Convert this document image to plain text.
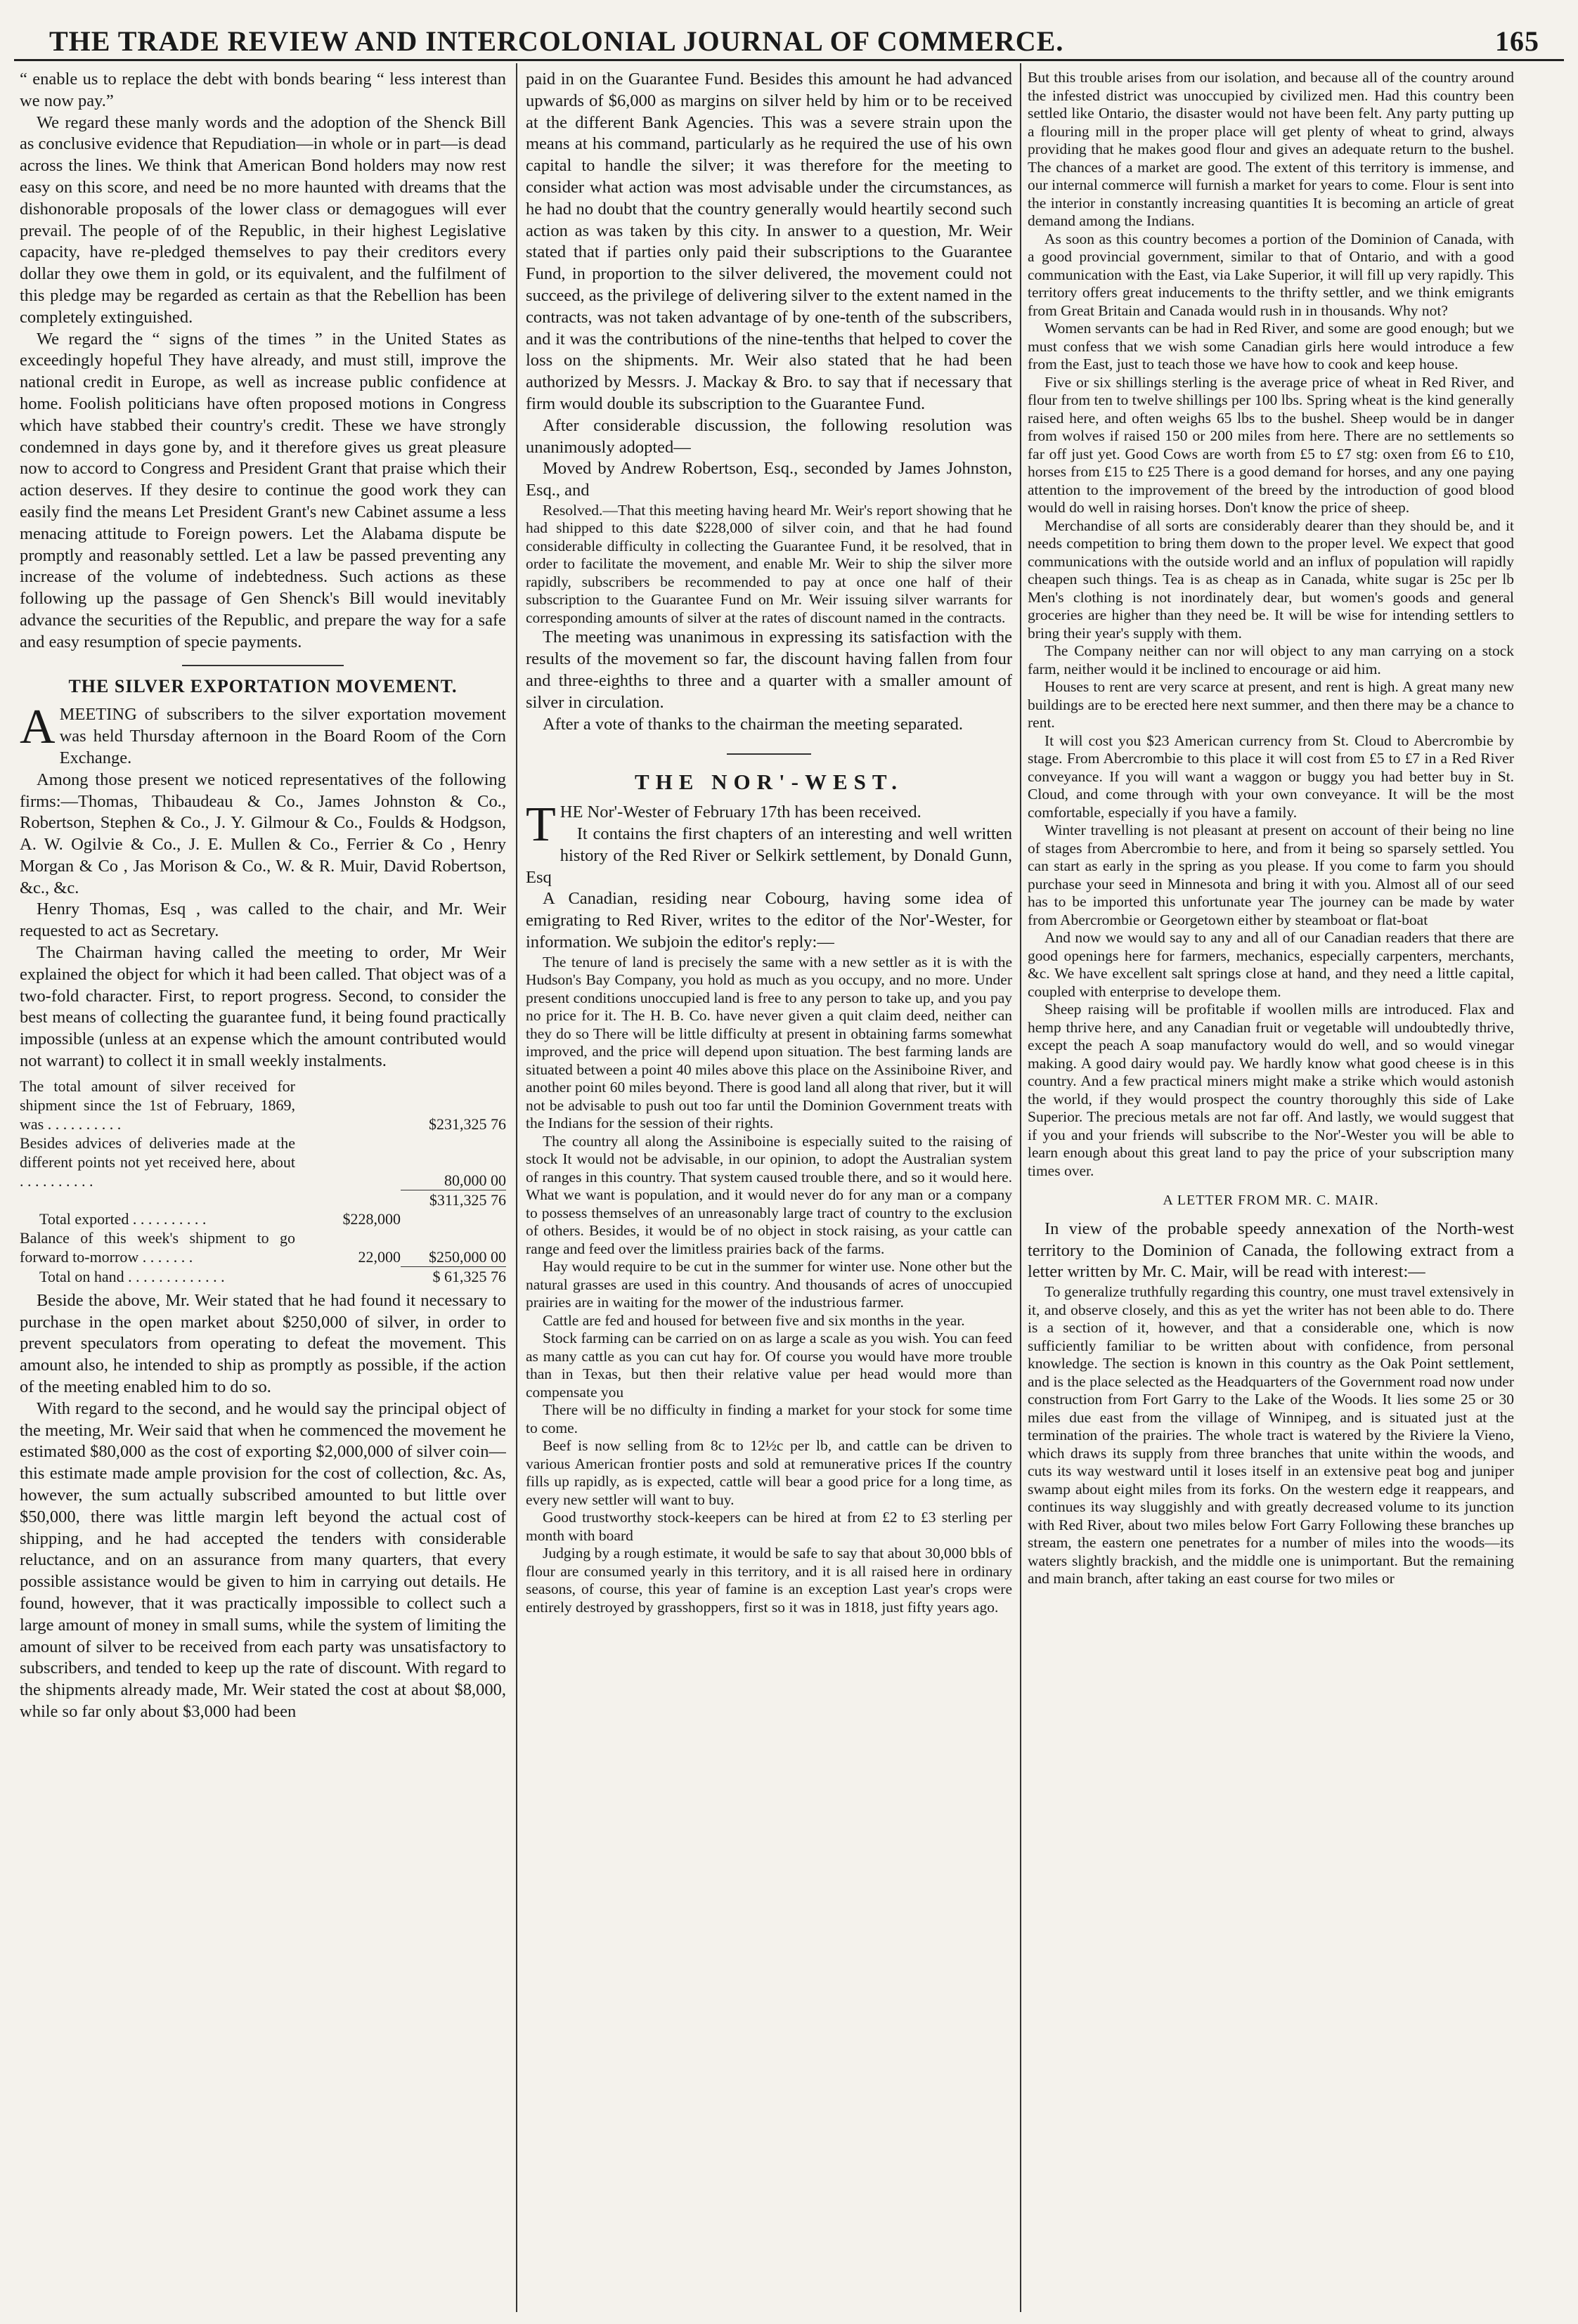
THE TRADE REVIEW AND INTERCOLONIAL JOURNAL OF COMMERCE.	165

“ enable us to replace the debt with bonds bearing “ less interest than we now pay.”

We regard these manly words and the adoption of the Shenck Bill as conclusive evidence that Repudiation—in whole or in part—is dead across the lines. We think that American Bond holders may now rest easy on this score, and need be no more haunted with dreams that the dishonorable proposals of the lower class or demagogues will ever prevail. The people of of the Republic, in their highest Legislative capacity, have re-pledged themselves to pay their creditors every dollar they owe them in gold, or its equivalent, and the fulfilment of this pledge may be regarded as certain as that the Rebellion has been completely extinguished.

We regard the “ signs of the times ” in the United States as exceedingly hopeful They have already, and must still, improve the national credit in Europe, as well as increase public confidence at home. Foolish politicians have often proposed motions in Congress which have stabbed their country's credit. These we have strongly condemned in days gone by, and it therefore gives us great pleasure now to accord to Congress and President Grant that praise which their action deserves. If they desire to continue the good work they can easily find the means Let President Grant's new Cabinet assume a less menacing attitude to Foreign powers. Let the Alabama dispute be promptly and reasonably settled. Let a law be passed preventing any increase of the volume of indebtedness. Such actions as these following up the passage of Gen Shenck's Bill would inevitably advance the securities of the Republic, and prepare the way for a safe and easy resumption of specie payments.

THE SILVER EXPORTATION MOVEMENT.

AMEETING of subscribers to the silver exportation movement was held Thursday afternoon in the Board Room of the Corn Exchange.

Among those present we noticed representatives of the following firms:—Thomas, Thibaudeau & Co., James Johnston & Co., Robertson, Stephen & Co., J. Y. Gilmour & Co., Foulds & Hodgson, A. W. Ogilvie & Co., J. E. Mullen & Co., Ferrier & Co , Henry Morgan & Co , Jas Morison & Co., W. & R. Muir, David Robertson, &c., &c.

Henry Thomas, Esq , was called to the chair, and Mr. Weir requested to act as Secretary.

The Chairman having called the meeting to order, Mr Weir explained the object for which it had been called. That object was of a two-fold character. First, to report progress. Second, to consider the best means of collecting the guarantee fund, it being found practically impossible (unless at an expense which the amount contributed would not warrant) to collect it in small weekly instalments.

The total amount of silver received for shipment since the 1st of February, 1869, was . . . . . . . . . .		$231,325 76
Besides advices of deliveries made at the different points not yet received here, about . . . . . . . . . .		80,000 00
		$311,325 76
Total exported . . . . . . . . . .	$228,000	
Balance of this week's shipment to go forward to-morrow . . . . . . .	22,000	$250,000 00
Total on hand . . . . . . . . . . . . .		$ 61,325 76

Beside the above, Mr. Weir stated that he had found it necessary to purchase in the open market about $250,000 of silver, in order to prevent speculators from operating to defeat the movement. This amount also, he intended to ship as promptly as possible, if the action of the meeting enabled him to do so.

With regard to the second, and he would say the principal object of the meeting, Mr. Weir said that when he commenced the movement he estimated $80,000 as the cost of exporting $2,000,000 of silver coin—this estimate made ample provision for the cost of collection, &c. As, however, the sum actually subscribed amounted to but little over $50,000, there was little margin left beyond the actual cost of shipping, and he had accepted the tenders with considerable reluctance, and on an assurance from many quarters, that every possible assistance would be given to him in carrying out details. He found, however, that it was practically impossible to collect such a large amount of money in small sums, while the system of limiting the amount of silver to be received from each party was unsatisfactory to subscribers, and tended to keep up the rate of discount. With regard to the shipments already made, Mr. Weir stated the cost at about $8,000, while so far only about $3,000 had been

paid in on the Guarantee Fund. Besides this amount he had advanced upwards of $6,000 as margins on silver held by him or to be received at the different Bank Agencies. This was a severe strain upon the means at his command, particularly as he required the use of his own capital to handle the silver; it was therefore for the meeting to consider what action was most advisable under the circumstances, as he had no doubt that the country generally would heartily second such action as was taken by this city. In answer to a question, Mr. Weir stated that if parties only paid their subscriptions to the Guarantee Fund, in proportion to the silver delivered, the movement could not succeed, as the privilege of delivering silver to the extent named in the contracts, was not taken advantage of by one-tenth of the subscribers, and it was the contributions of the nine-tenths that helped to cover the loss on the shipments. Mr. Weir also stated that he had been authorized by Messrs. J. Mackay & Bro. to say that if necessary that firm would double its subscription to the Guarantee Fund.

After considerable discussion, the following resolution was unanimously adopted—

Moved by Andrew Robertson, Esq., seconded by James Johnston, Esq., and

Resolved.—That this meeting having heard Mr. Weir's report showing that he had shipped to this date $228,000 of silver coin, and that he had found considerable difficulty in collecting the Guarantee Fund, it be resolved, that in order to facilitate the movement, and enable Mr. Weir to ship the silver more rapidly, subscribers be recommended to pay at once one half of their subscription to the Guarantee Fund on Mr. Weir issuing silver warrants for corresponding amounts of silver at the rates of discount named in the contracts.

The meeting was unanimous in expressing its satisfaction with the results of the movement so far, the discount having fallen from four and three-eighths to three and a quarter with a smaller amount of silver in circulation.

After a vote of thanks to the chairman the meeting separated.

THE NOR'-WEST.

THE Nor'-Wester of February 17th has been received.

It contains the first chapters of an interesting and well written history of the Red River or Selkirk settlement, by Donald Gunn, Esq

A Canadian, residing near Cobourg, having some idea of emigrating to Red River, writes to the editor of the Nor'-Wester, for information. We subjoin the editor's reply:—

The tenure of land is precisely the same with a new settler as it is with the Hudson's Bay Company, you hold as much as you occupy, and no more. Under present conditions unoccupied land is free to any person to take up, and you pay no price for it. The H. B. Co. have never given a quit claim deed, neither can they do so There will be little difficulty at present in obtaining farms somewhat improved, and the price will depend upon situation. The best farming lands are situated between a point 40 miles above this place on the Assiniboine River, and another point 60 miles beyond. There is good land all along that river, but it will not be advisable to push out too far until the Dominion Government treats with the Indians for the session of their rights.

The country all along the Assiniboine is especially suited to the raising of stock It would not be advisable, in our opinion, to adopt the Australian system of ranges in this country. That system caused trouble there, and so it would here. What we want is population, and it would never do for any man or a company to possess themselves of an unreasonably large tract of country to the exclusion of others. Besides, it would be of no object in stock raising, as your cattle can range and feed over the limitless prairies back of the farms.

Hay would require to be cut in the summer for winter use. None other but the natural grasses are used in this country. And thousands of acres of unoccupied prairies are in waiting for the mower of the industrious farmer.

Cattle are fed and housed for between five and six months in the year.

Stock farming can be carried on on as large a scale as you wish. You can feed as many cattle as you can cut hay for. Of course you would have more trouble than in Texas, but then their relative value per head would more than compensate you

There will be no difficulty in finding a market for your stock for some time to come.

Beef is now selling from 8c to 12½c per lb, and cattle can be driven to various American frontier posts and sold at remunerative prices If the country fills up rapidly, as is expected, cattle will bear a good price for a long time, as every new settler will want to buy.

Good trustworthy stock-keepers can be hired at from £2 to £3 sterling per month with board

Judging by a rough estimate, it would be safe to say that about 30,000 bbls of flour are consumed yearly in this territory, and it is all raised here in ordinary seasons, of course, this year of famine is an exception Last year's crops were entirely destroyed by grasshoppers, first so it was in 1818, just fifty years ago.

But this trouble arises from our isolation, and because all of the country around the infested district was unoccupied by civilized men. Had this country been settled like Ontario, the disaster would not have been felt. Any party putting up a flouring mill in the proper place will get plenty of wheat to grind, always providing that he makes good flour and gives an adequate return to the bushel. The chances of a market are good. The extent of this territory is immense, and our internal commerce will furnish a market for years to come. Flour is sent into the interior in constantly increasing quantities It is becoming an article of great demand among the Indians.

As soon as this country becomes a portion of the Dominion of Canada, with a good provincial government, similar to that of Ontario, and with a good communication with the East, via Lake Superior, it will fill up very rapidly. This territory offers great inducements to the thrifty settler, and we think emigrants from Great Britain and Canada would rush in in thousands. Why not?

Women servants can be had in Red River, and some are good enough; but we must confess that we wish some Canadian girls here would introduce a few from the East, just to teach those we have how to cook and keep house.

Five or six shillings sterling is the average price of wheat in Red River, and flour from ten to twelve shillings per 100 lbs. Spring wheat is the kind generally raised here, and often weighs 65 lbs to the bushel. Sheep would be in danger from wolves if raised 150 or 200 miles from here. There are no settlements so far off just yet. Good Cows are worth from £5 to £7 stg: oxen from £6 to £10, horses from £15 to £25 There is a good demand for horses, and any one paying attention to the improvement of the breed by the introduction of good blood would do well in raising horses. Don't know the price of sheep.

Merchandise of all sorts are considerably dearer than they should be, and it needs competition to bring them down to the proper level. We expect that good communications with the outside world and an influx of population will rapidly cheapen such things. Tea is as cheap as in Canada, white sugar is 25c per lb Men's clothing is not inordinately dear, but women's goods and general groceries are higher than they need be. It will be wise for intending settlers to bring their year's supply with them.

The Company neither can nor will object to any man carrying on a stock farm, neither would it be inclined to encourage or aid him.

Houses to rent are very scarce at present, and rent is high. A great many new buildings are to be erected here next summer, and then there may be a chance to rent.

It will cost you $23 American currency from St. Cloud to Abercrombie by stage. From Abercrombie to this place it will cost from £5 to £7 in a Red River conveyance. If you will want a waggon or buggy you had better buy in St. Cloud, and come through with your own conveyance. It will be the most comfortable, especially if you have a family.

Winter travelling is not pleasant at present on account of their being no line of stages from Abercrombie to here, and from it being so sparsely settled. You can start as early in the spring as you please. If you come to farm you should purchase your seed in Minnesota and bring it with you. Almost all of our seed has to be imported this unfortunate year The journey can be made by water from Abercrombie or Georgetown either by steamboat or flat-boat

And now we would say to any and all of our Canadian readers that there are good openings here for farmers, mechanics, especially carpenters, merchants, &c. We have excellent salt springs close at hand, and they need a little capital, coupled with enterprise to develope them.

Sheep raising will be profitable if woollen mills are introduced. Flax and hemp thrive here, and any Canadian fruit or vegetable will undoubtedly thrive, except the peach A soap manufactory would do well, and so would vinegar making. A good dairy would pay. We hardly know what good cheese is in this country. And a few practical miners might make a strike which would astonish the world, if they would prospect the country thoroughly this side of Lake Superior. The precious metals are not far off. And lastly, we would suggest that if you and your friends will subscribe to the Nor'-Wester you will be able to learn enough about this great land to pay the price of your subscription many times over.

A LETTER FROM MR. C. MAIR.

In view of the probable speedy annexation of the North-west territory to the Dominion of Canada, the following extract from a letter written by Mr. C. Mair, will be read with interest:—

To generalize truthfully regarding this country, one must travel extensively in it, and observe closely, and this as yet the writer has not been able to do. There is a section of it, however, and that a considerable one, which is now sufficiently familiar to be written about with confidence, from personal knowledge. The section is known in this country as the Oak Point settlement, and is the place selected as the Headquarters of the Government road now under construction from Fort Garry to the Lake of the Woods. It lies some 25 or 30 miles due east from the village of Winnipeg, and is situated just at the termination of the prairies. The whole tract is watered by the Riviere la Vieno, which draws its supply from three branches that unite within the woods, and cuts its way westward until it loses itself in an extensive peat bog and juniper swamp about eight miles from its forks. On the western edge it reappears, and continues its way sluggishly and with greatly decreased volume to its junction with Red River, about two miles below Fort Garry Following these branches up stream, the eastern one penetrates for a number of miles into the woods—its waters slightly brackish, and the middle one is unimportant. But the remaining and main branch, after taking an east course for two miles or
